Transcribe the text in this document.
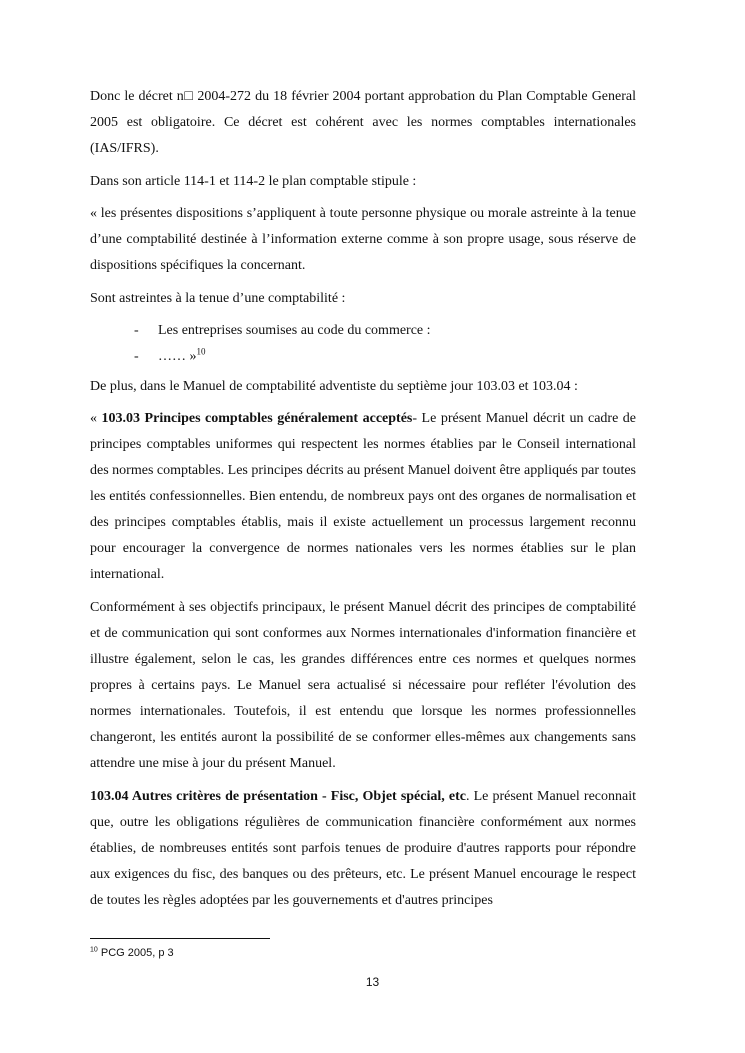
Donc le décret n□ 2004-272 du 18 février 2004 portant approbation du Plan Comptable General 2005 est obligatoire. Ce décret est cohérent avec les normes comptables internationales (IAS/IFRS).

Dans son article 114-1 et 114-2 le plan comptable stipule :

« les présentes dispositions s’appliquent à toute personne physique ou morale astreinte à la tenue d’une comptabilité destinée à l’information externe comme à son propre usage, sous réserve de dispositions spécifiques la concernant.

Sont astreintes à la tenue d’une comptabilité :

- Les entreprises soumises au code du commerce :
- …… »$^{10}$

De plus, dans le Manuel de comptabilité adventiste du septième jour 103.03 et 103.04 :

« 103.03 Principes comptables généralement acceptés- Le présent Manuel décrit un cadre de principes comptables uniformes qui respectent les normes établies par le Conseil international des normes comptables. Les principes décrits au présent Manuel doivent être appliqués par toutes les entités confessionnelles. Bien entendu, de nombreux pays ont des organes de normalisation et des principes comptables établis, mais il existe actuellement un processus largement reconnu pour encourager la convergence de normes nationales vers les normes établies sur le plan international.

Conformément à ses objectifs principaux, le présent Manuel décrit des principes de comptabilité et de communication qui sont conformes aux Normes internationales d'information financière et illustre également, selon le cas, les grandes différences entre ces normes et quelques normes propres à certains pays. Le Manuel sera actualisé si nécessaire pour refléter l'évolution des normes internationales. Toutefois, il est entendu que lorsque les normes professionnelles changeront, les entités auront la possibilité de se conformer elles-mêmes aux changements sans attendre une mise à jour du présent Manuel.

103.04 Autres critères de présentation - Fisc, Objet spécial, etc. Le présent Manuel reconnait que, outre les obligations régulières de communication financière conformément aux normes établies, de nombreuses entités sont parfois tenues de produire d'autres rapports pour répondre aux exigences du fisc, des banques ou des prêteurs, etc. Le présent Manuel encourage le respect de toutes les règles adoptées par les gouvernements et d'autres principes

$^{10}$ PCG 2005, p 3
13
